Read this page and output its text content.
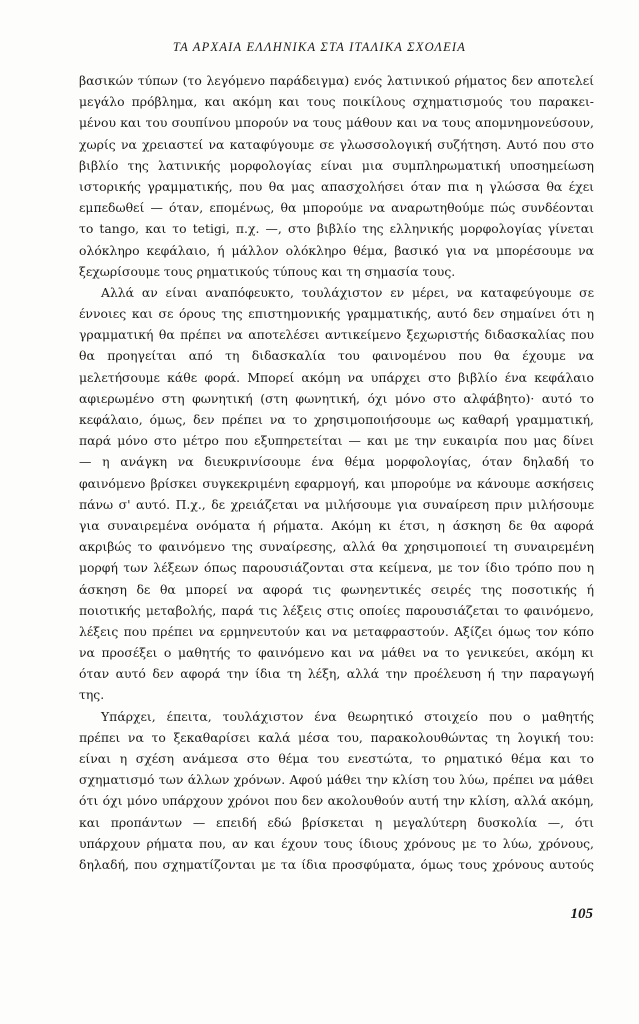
ΤΑ ΑΡΧΑΙΑ ΕΛΛΗΝΙΚΑ ΣΤΑ ΙΤΑΛΙΚΑ ΣΧΟΛΕΙΑ
βασικών τύπων (το λεγόμενο παράδειγμα) ενός λατινικού ρήματος δεν αποτελεί
μεγάλο πρόβλημα, και ακόμη και τους ποικίλους σχηματισμούς του παρακει-
μένου και του σουπίνου μπορούν να τους μάθουν και να τους απομνημονεύσουν,
χωρίς να χρειαστεί να καταφύγουμε σε γλωσσολογική συζήτηση. Αυτό που στο
βιβλίο της λατινικής μορφολογίας είναι μια συμπληρωματική υποσημείωση
ιστορικής γραμματικής, που θα μας απασχολήσει όταν πια η γλώσσα θα έχει
εμπεδωθεί — όταν, επομένως, θα μπορούμε να αναρωτηθούμε πώς συνδέονται
το tango, και το tetigi, π.χ. —, στο βιβλίο της ελληνικής μορφολογίας γίνεται
ολόκληρο κεφάλαιο, ή μάλλον ολόκληρο θέμα, βασικό για να μπορέσουμε να
ξεχωρίσουμε τους ρηματικούς τύπους και τη σημασία τους.
Αλλά αν είναι αναπόφευκτο, τουλάχιστον εν μέρει, να καταφεύγουμε σε
έννοιες και σε όρους της επιστημονικής γραμματικής, αυτό δεν σημαίνει ότι η
γραμματική θα πρέπει να αποτελέσει αντικείμενο ξεχωριστής διδασκαλίας που
θα προηγείται από τη διδασκαλία του φαινομένου που θα έχουμε να
μελετήσουμε κάθε φορά. Μπορεί ακόμη να υπάρχει στο βιβλίο ένα κεφάλαιο
αφιερωμένο στη φωνητική (στη φωνητική, όχι μόνο στο αλφάβητο)· αυτό το
κεφάλαιο, όμως, δεν πρέπει να το χρησιμοποιήσουμε ως καθαρή γραμματική,
παρά μόνο στο μέτρο που εξυπηρετείται — και με την ευκαιρία που μας δίνει
— η ανάγκη να διευκρινίσουμε ένα θέμα μορφολογίας, όταν δηλαδή το
φαινόμενο βρίσκει συγκεκριμένη εφαρμογή, και μπορούμε να κάνουμε ασκήσεις
πάνω σ' αυτό. Π.χ., δε χρειάζεται να μιλήσουμε για συναίρεση πριν μιλήσουμε
για συναιρεμένα ονόματα ή ρήματα. Ακόμη κι έτσι, η άσκηση δε θα αφορά
ακριβώς το φαινόμενο της συναίρεσης, αλλά θα χρησιμοποιεί τη συναιρεμένη
μορφή των λέξεων όπως παρουσιάζονται στα κείμενα, με τον ίδιο τρόπο που η
άσκηση δε θα μπορεί να αφορά τις φωνηεντικές σειρές της ποσοτικής ή
ποιοτικής μεταβολής, παρά τις λέξεις στις οποίες παρουσιάζεται το φαινόμενο,
λέξεις που πρέπει να ερμηνευτούν και να μεταφραστούν. Αξίζει όμως τον κόπο
να προσέξει ο μαθητής το φαινόμενο και να μάθει να το γενικεύει, ακόμη κι
όταν αυτό δεν αφορά την ίδια τη λέξη, αλλά την προέλευση ή την παραγωγή
της.
Υπάρχει, έπειτα, τουλάχιστον ένα θεωρητικό στοιχείο που ο μαθητής
πρέπει να το ξεκαθαρίσει καλά μέσα του, παρακολουθώντας τη λογική του:
είναι η σχέση ανάμεσα στο θέμα του ενεστώτα, το ρηματικό θέμα και το
σχηματισμό των άλλων χρόνων. Αφού μάθει την κλίση του λύω, πρέπει να μάθει
ότι όχι μόνο υπάρχουν χρόνοι που δεν ακολουθούν αυτή την κλίση, αλλά ακόμη,
και προπάντων — επειδή εδώ βρίσκεται η μεγαλύτερη δυσκολία —, ότι
υπάρχουν ρήματα που, αν και έχουν τους ίδιους χρόνους με το λύω, χρόνους,
δηλαδή, που σχηματίζονται με τα ίδια προσφύματα, όμως τους χρόνους αυτούς
105
